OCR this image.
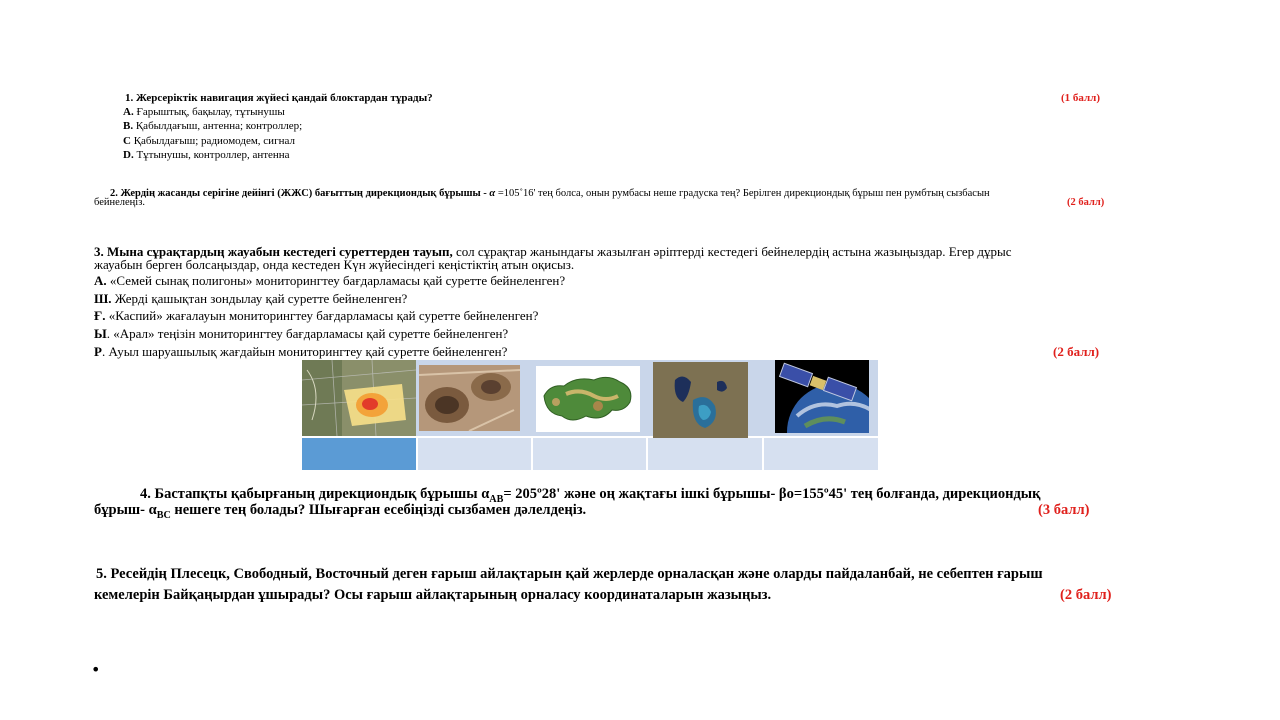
1. Жерсеріктік навигация жүйесі қандай блоктардан тұрады?	(1 балл)
А. Ғарыштық, бақылау, тұтынушы
В. Қабылдағыш, антенна; контроллер;
С Қабылдағыш; радиомодем, сигнал
D. Тұтынушы, контроллер, антенна
2. Жердің жасанды серігіне дейінгі (ЖЖС) бағыттың дирекциондық бұрышы - α =105˚16' тең болса, онын румбасы неше градуска тең? Берілген дирекциондық бұрыш пен румбтың сызбасын
бейнелеңіз.	(2 балл)
3. Мына сұрақтардың жауабын кестедегі суреттерден тауып, сол сұрақтар жанындағы жазылған әріптерді кестедегі бейнелердің астына жазыңыздар. Егер дұрыс
жауабын берген болсаңыздар, онда кестеден Күн жүйесіндегі кеңістіктің атын оқисыз.
А. «Семей сынақ полигоны» мониторингтеу бағдарламасы қай суретте бейнеленген?
Ш. Жерді қашықтан зондылау қай суретте бейнеленген?
Ғ. «Каспий» жағалауын мониторингтеу бағдарламасы қай суретте бейнеленген?
Ы. «Арал» теңізін мониторингтеу бағдарламасы қай суретте бейнеленген?
Р. Ауыл шаруашылық жағдайын мониторингтеу қай суретте бейнеленген?	(2 балл)
4. Бастапқты қабырғаның дирекциондық бұрышы $\alpha_{AB}=$ 205º28' және оң жақтағы ішкі бұрышы- βо=155º45' тең болғанда, дирекциондық
бұрыш- $\alpha_{BC}$ нешеге тең болады? Шығарған есебіңізді сызбамен дәлелдеңіз.	(3 балл)
5. Ресейдің Плесецк, Свободный, Восточный деген ғарыш айлақтарын қай жерлерде орналасқан және оларды пайдаланбай, не себептен ғарыш
кемелерін Байқаңырдан ұшырады? Осы ғарыш айлақтарының орналасу координаталарын жазыңыз.	(2 балл)
•
